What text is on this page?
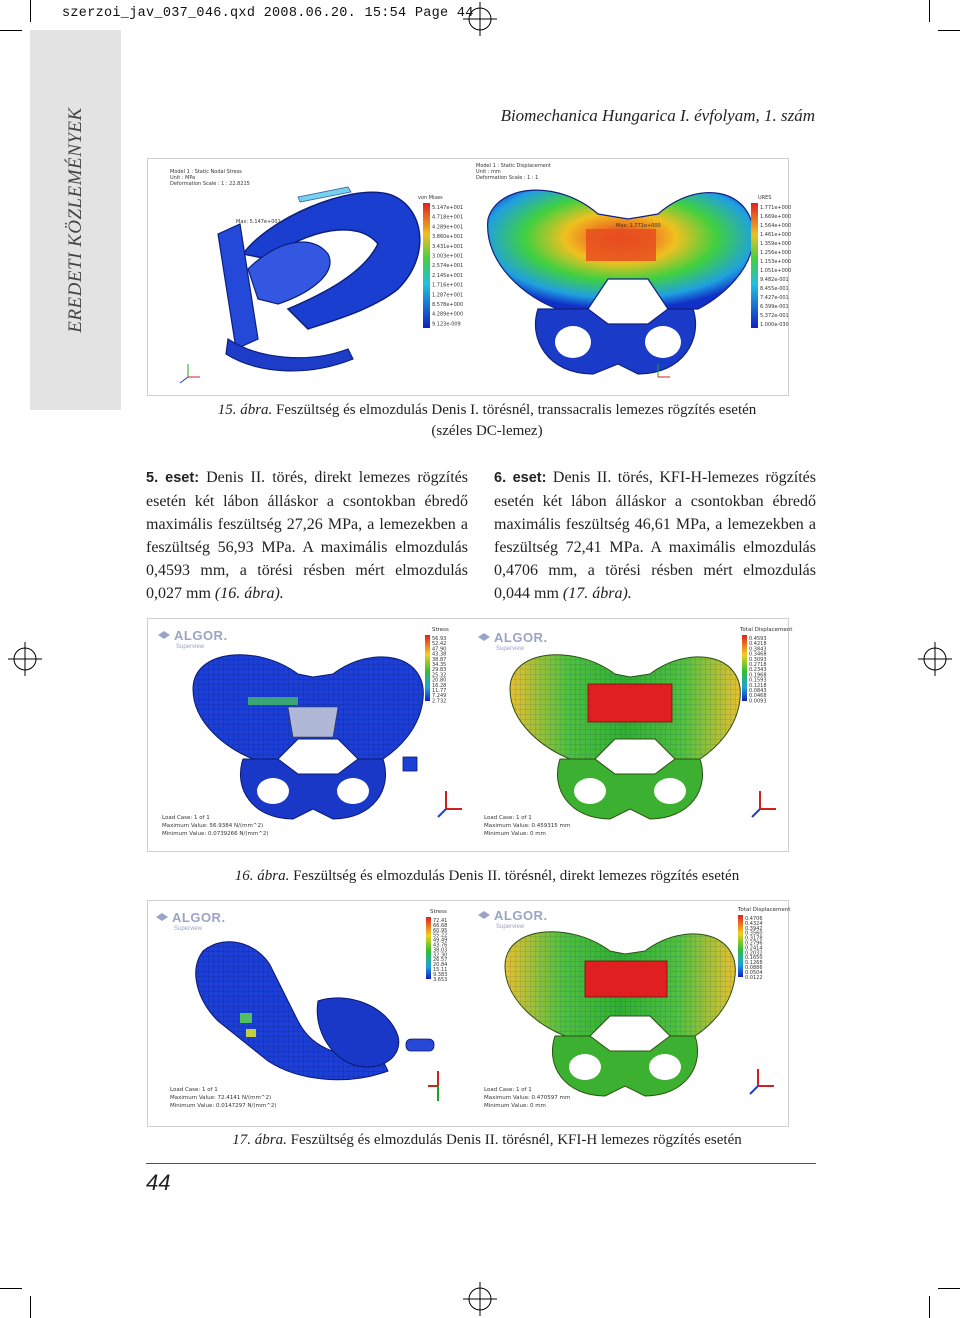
szerzoi_jav_037_046.qxd 2008.06.20. 15:54 Page 44
EREDETI KÖZLEMÉNYEK	Biomechanica Hungarica I. évfolyam, 1. szám
Model 1 : Static Nodal Stress
Unit : MPa
Deformation Scale : 1 : 22.8215
Max: 5.147e+001
von Mises
5.147e+001
4.718e+001
4.289e+001
3.860e+001
3.431e+001
3.003e+001
2.574e+001
2.145e+001
1.716e+001
1.287e+001
8.578e+000
4.289e+000
9.123e-009
Model 1 : Static Displacement
Unit : mm
Deformation Scale : 1 : 1
Max: 1.771e+000
URES
1.771e+000
1.669e+000
1.564e+000
1.461e+000
1.359e+000
1.256e+000
1.153e+000
1.051e+000
9.482e-001
8.455e-001
7.427e-001
6.399e-001
5.372e-001
1.000e-030
15. ábra. Feszültség és elmozdulás Denis I. törésnél, transsacralis lemezes rögzítés esetén
(széles DC-lemez)
5. eset: Denis II. törés, direkt lemezes rögzítés esetén két lábon álláskor a csontokban ébredő maximális feszültség 27,26 MPa, a lemezekben a feszültség 56,93 MPa. A maximális elmozdulás 0,4593 mm, a törési résben mért elmozdulás 0,027 mm (16. ábra).
6. eset: Denis II. törés, KFI-H-lemezes rögzítés esetén két lábon álláskor a csontokban ébredő maximális feszültség 46,61 MPa, a lemezekben a feszültség 72,41 MPa. A maximális elmozdulás 0,4706 mm, a törési résben mért elmozdulás 0,044 mm (17. ábra).
ALGOR.
Superview
Stress
56.93
52.42
47.90
43.38
38.87
34.35
29.83
25.32
20.80
16.28
11.77
7.249
2.732
Load Case: 1 of 1
Maximum Value: 56.9384 N/(mm^2)
Minimum Value: 0.0739266 N/(mm^2)
ALGOR.
Superview
Total Displacement
0.4593
0.4218
0.3843
0.3468
0.3093
0.2718
0.2343
0.1968
0.1593
0.1218
0.0843
0.0468
0.0093
Load Case: 1 of 1
Maximum Value: 0.459315 mm
Minimum Value: 0 mm
16. ábra. Feszültség és elmozdulás Denis II. törésnél, direkt lemezes rögzítés esetén
ALGOR.
Superview
Stress
72.41
66.68
60.95
55.22
49.49
43.76
38.03
32.30
26.57
20.84
15.11
9.383
3.653
Load Case: 1 of 1
Maximum Value: 72.4141 N/(mm^2)
Minimum Value: 0.0147297 N/(mm^2)
ALGOR.
Superview
Total Displacement
0.4706
0.4324
0.3942
0.3560
0.3178
0.2796
0.2414
0.2032
0.1650
0.1268
0.0886
0.0504
0.0122
Load Case: 1 of 1
Maximum Value: 0.470597 mm
Minimum Value: 0 mm
17. ábra. Feszültség és elmozdulás Denis II. törésnél, KFI-H lemezes rögzítés esetén
44
